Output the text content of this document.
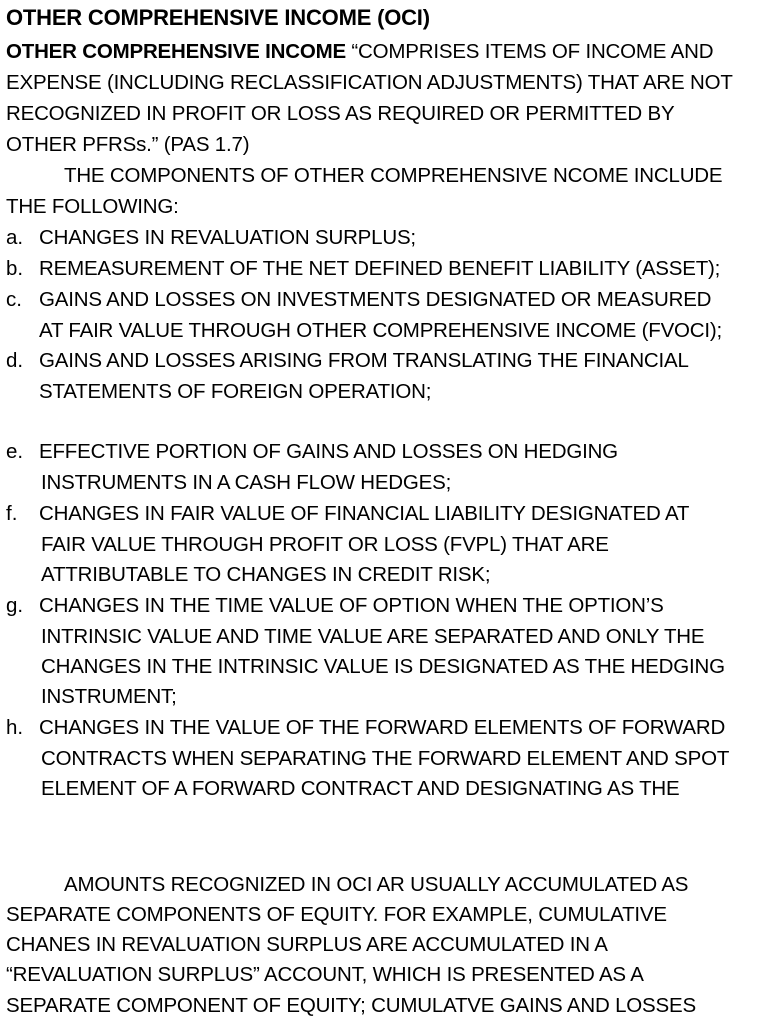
OTHER COMPREHENSIVE INCOME (OCI)
OTHER COMPREHENSIVE INCOME “COMPRISES ITEMS OF INCOME AND
EXPENSE (INCLUDING RECLASSIFICATION ADJUSTMENTS) THAT ARE NOT
RECOGNIZED IN PROFIT OR LOSS AS REQUIRED OR PERMITTED BY
OTHER PFRSs.” (PAS 1.7)
THE COMPONENTS OF OTHER COMPREHENSIVE NCOME INCLUDE
THE FOLLOWING:
a. CHANGES IN REVALUATION SURPLUS;
b. REMEASUREMENT OF THE NET DEFINED BENEFIT LIABILITY (ASSET);
c. GAINS AND LOSSES ON INVESTMENTS DESIGNATED OR MEASURED
AT FAIR VALUE THROUGH OTHER COMPREHENSIVE INCOME (FVOCI);
d. GAINS AND LOSSES ARISING FROM TRANSLATING THE FINANCIAL
STATEMENTS OF FOREIGN OPERATION;
e. EFFECTIVE PORTION OF GAINS AND LOSSES ON HEDGING
INSTRUMENTS IN A CASH FLOW HEDGES;
f. CHANGES IN FAIR VALUE OF FINANCIAL LIABILITY DESIGNATED AT
FAIR VALUE THROUGH PROFIT OR LOSS (FVPL) THAT ARE
ATTRIBUTABLE TO CHANGES IN CREDIT RISK;
g. CHANGES IN THE TIME VALUE OF OPTION WHEN THE OPTION’S
INTRINSIC VALUE AND TIME VALUE ARE SEPARATED AND ONLY THE
CHANGES IN THE INTRINSIC VALUE IS DESIGNATED AS THE HEDGING
INSTRUMENT;
h. CHANGES IN THE VALUE OF THE FORWARD ELEMENTS OF FORWARD
CONTRACTS WHEN SEPARATING THE FORWARD ELEMENT AND SPOT
ELEMENT OF A FORWARD CONTRACT AND DESIGNATING AS THE
AMOUNTS RECOGNIZED IN OCI AR USUALLY ACCUMULATED AS
SEPARATE COMPONENTS OF EQUITY. FOR EXAMPLE, CUMULATIVE
CHANES IN REVALUATION SURPLUS ARE ACCUMULATED IN A
“REVALUATION SURPLUS” ACCOUNT, WHICH IS PRESENTED AS A
SEPARATE COMPONENT OF EQUITY; CUMULATVE GAINS AND LOSSES
